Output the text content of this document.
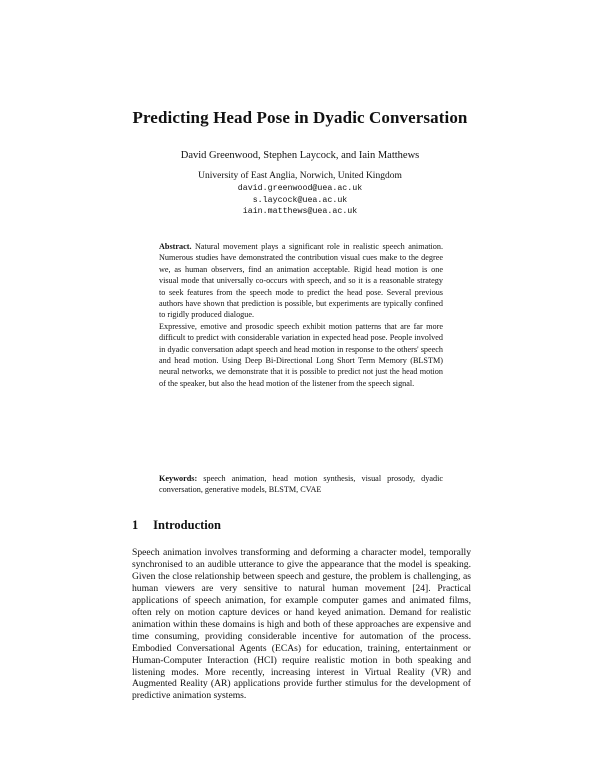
Predicting Head Pose in Dyadic Conversation
David Greenwood, Stephen Laycock, and Iain Matthews
University of East Anglia, Norwich, United Kingdom
david.greenwood@uea.ac.uk
s.laycock@uea.ac.uk
iain.matthews@uea.ac.uk

Abstract. Natural movement plays a significant role in realistic speech animation. Numerous studies have demonstrated the contribution visual cues make to the degree we, as human observers, find an animation acceptable. Rigid head motion is one visual mode that universally co-occurs with speech, and so it is a reasonable strategy to seek features from the speech mode to predict the head pose. Several previous authors have shown that prediction is possible, but experiments are typically confined to rigidly produced dialogue.

Expressive, emotive and prosodic speech exhibit motion patterns that are far more difficult to predict with considerable variation in expected head pose. People involved in dyadic conversation adapt speech and head motion in response to the others' speech and head motion. Using Deep Bi-Directional Long Short Term Memory (BLSTM) neural networks, we demonstrate that it is possible to predict not just the head motion of the speaker, but also the head motion of the listener from the speech signal.

Keywords: speech animation, head motion synthesis, visual prosody, dyadic conversation, generative models, BLSTM, CVAE
1 Introduction

Speech animation involves transforming and deforming a character model, temporally synchronised to an audible utterance to give the appearance that the model is speaking. Given the close relationship between speech and gesture, the problem is challenging, as human viewers are very sensitive to natural human movement [24]. Practical applications of speech animation, for example computer games and animated films, often rely on motion capture devices or hand keyed animation. Demand for realistic animation within these domains is high and both of these approaches are expensive and time consuming, providing considerable incentive for automation of the process. Embodied Conversational Agents (ECAs) for education, training, entertainment or Human-Computer Interaction (HCI) require realistic motion in both speaking and listening modes. More recently, increasing interest in Virtual Reality (VR) and Augmented Reality (AR) applications provide further stimulus for the development of predictive animation systems.
